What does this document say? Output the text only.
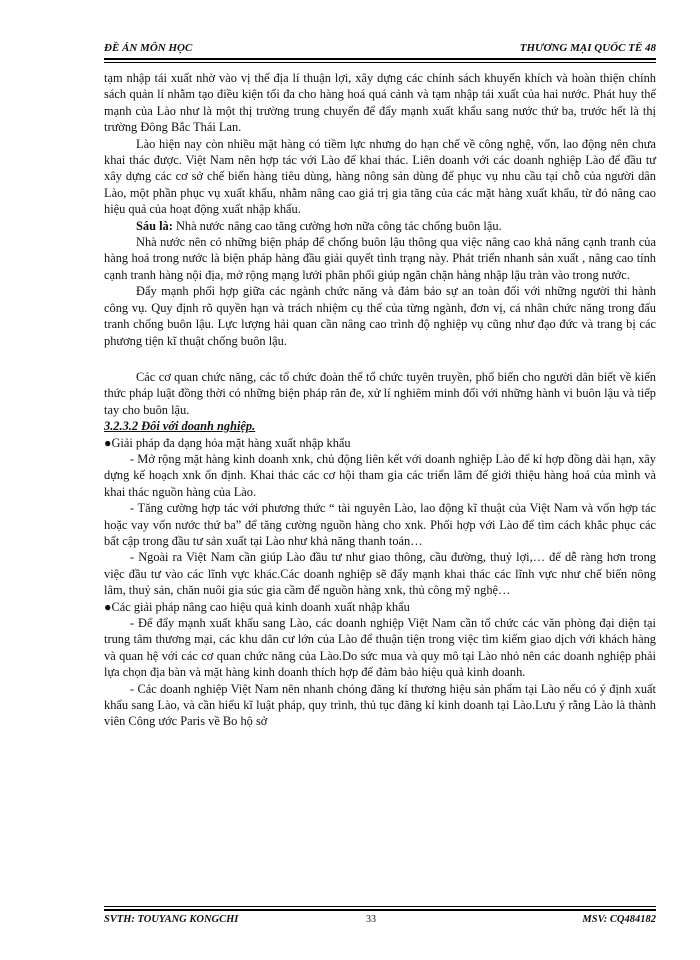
ĐỀ ÁN MÔN HỌC	THƯƠNG MẠI QUỐC TẾ 48

tạm nhập tái xuất nhờ vào vị thế địa lí thuận lợi, xây dựng các chính sách khuyến khích và hoàn thiện chính sách quản lí nhằm tạo điều kiện tối đa cho hàng hoá quá cảnh và tạm nhập tái xuất của hai nước. Phát huy thế mạnh của Lào như là một thị trường trung chuyển để đẩy mạnh xuất khẩu sang nước thứ ba, trước hết là thị trường Đông Bắc Thái Lan.

Lào hiện nay còn nhiều mặt hàng có tiềm lực nhưng do hạn chế về công nghệ, vốn, lao động nên chưa khai thác được. Việt Nam nên hợp tác với Lào để khai thác. Liên doanh với các doanh nghiệp Lào để đầu tư xây dựng các cơ sở chế biến hàng tiêu dùng, hàng nông sản dùng để phục vụ nhu cầu tại chỗ của người dân Lào, một phần phục vụ xuất khẩu, nhằm nâng cao giá trị gia tăng của các mặt hàng xuất khẩu, từ đó nâng cao hiệu quả của hoạt động xuất nhập khẩu.

Sáu là: Nhà nước nâng cao tăng cường hơn nữa công tác chống buôn lậu.

Nhà nước nên có những biện pháp để chống buôn lậu thông qua việc nâng cao khả năng cạnh tranh của hàng hoá trong nước là biện pháp hàng đầu giải quyết tình trạng này. Phát triển nhanh sản xuất , nâng cao tính cạnh tranh hàng nội địa, mở rộng mạng lưới phân phối giúp ngăn chặn hàng nhập lậu tràn vào trong nước.

Đẩy mạnh phối hợp giữa các ngành chức năng và đảm bảo sự an toàn đối với những người thi hành công vụ. Quy định rõ quyền hạn và trách nhiệm cụ thể của từng ngành, đơn vị, cá nhân chức năng trong đấu tranh chống buôn lậu. Lực lượng hải quan cần nâng cao trình độ nghiệp vụ cũng như đạo đức và trang bị các phương tiện kĩ thuật chống buôn lậu.

Các cơ quan chức năng, các tổ chức đoàn thể tổ chức tuyên truyền, phổ biến cho người dân biết về kiến thức pháp luật đồng thời có những biện pháp răn đe, xử lí nghiêm minh đối với những hành vi buôn lậu và tiếp tay cho buôn lậu.

3.2.3.2 Đối với doanh nghiệp.

●Giải pháp đa dạng hóa mặt hàng xuất nhập khẩu

- Mở rộng mặt hàng kinh doanh xnk, chủ động liên kết với doanh nghiệp Lào để kí hợp đồng dài hạn, xây dựng kế hoạch xnk ổn định. Khai thác các cơ hội tham gia các triển lãm để giới thiệu hàng hoá của mình và khai thác nguồn hàng của Lào.

- Tăng cường hợp tác với phương thức “ tài nguyên Lào, lao động kĩ thuật của Việt Nam và vốn hợp tác hoặc vay vốn nước thứ ba” để tăng cường nguồn hàng cho xnk. Phối hợp với Lào để tìm cách khắc phục các bất cập trong đầu tư sản xuất tại Lào như khả năng thanh toán…

- Ngoài ra Việt Nam cần giúp Lào đầu tư như giao thông, cầu đường, thuỷ lợi,… để dễ ràng hơn trong việc đầu tư vào các lĩnh vực khác.Các doanh nghiệp sẽ đẩy mạnh khai thác các lĩnh vực như chế biến nông lâm, thuỷ sản, chăn nuôi gia súc gia cầm để nguồn hàng xnk, thủ công mỹ nghệ…

●Các giải pháp nâng cao hiệu quả kinh doanh xuất nhập khẩu

- Để đẩy mạnh xuất khẩu sang Lào, các doanh nghiệp Việt Nam cần tổ chức các văn phòng đại diện tại trung tâm thương mại, các khu dân cư lớn của Lào để thuận tiện trong việc tìm kiếm giao dịch với khách hàng và quan hệ với các cơ quan chức năng của Lào.Do sức mua và quy mô tại Lào nhỏ nên các doanh nghiệp phải lựa chọn địa bàn và mặt hàng kinh doanh thích hợp để đảm bảo hiệu quả kinh doanh.

- Các doanh nghiệp Việt Nam nên nhanh chóng đăng kí thương hiệu sản phẩm tại Lào nếu có ý định xuất khẩu sang Lào, và cần hiểu kĩ luật pháp, quy trình, thủ tục đăng kí kinh doanh tại Lào.Lưu ý rằng Lào là thành viên Công ước Paris về Bo hộ sở

SVTH: TOUYANG KONGCHI	33	MSV: CQ484182
